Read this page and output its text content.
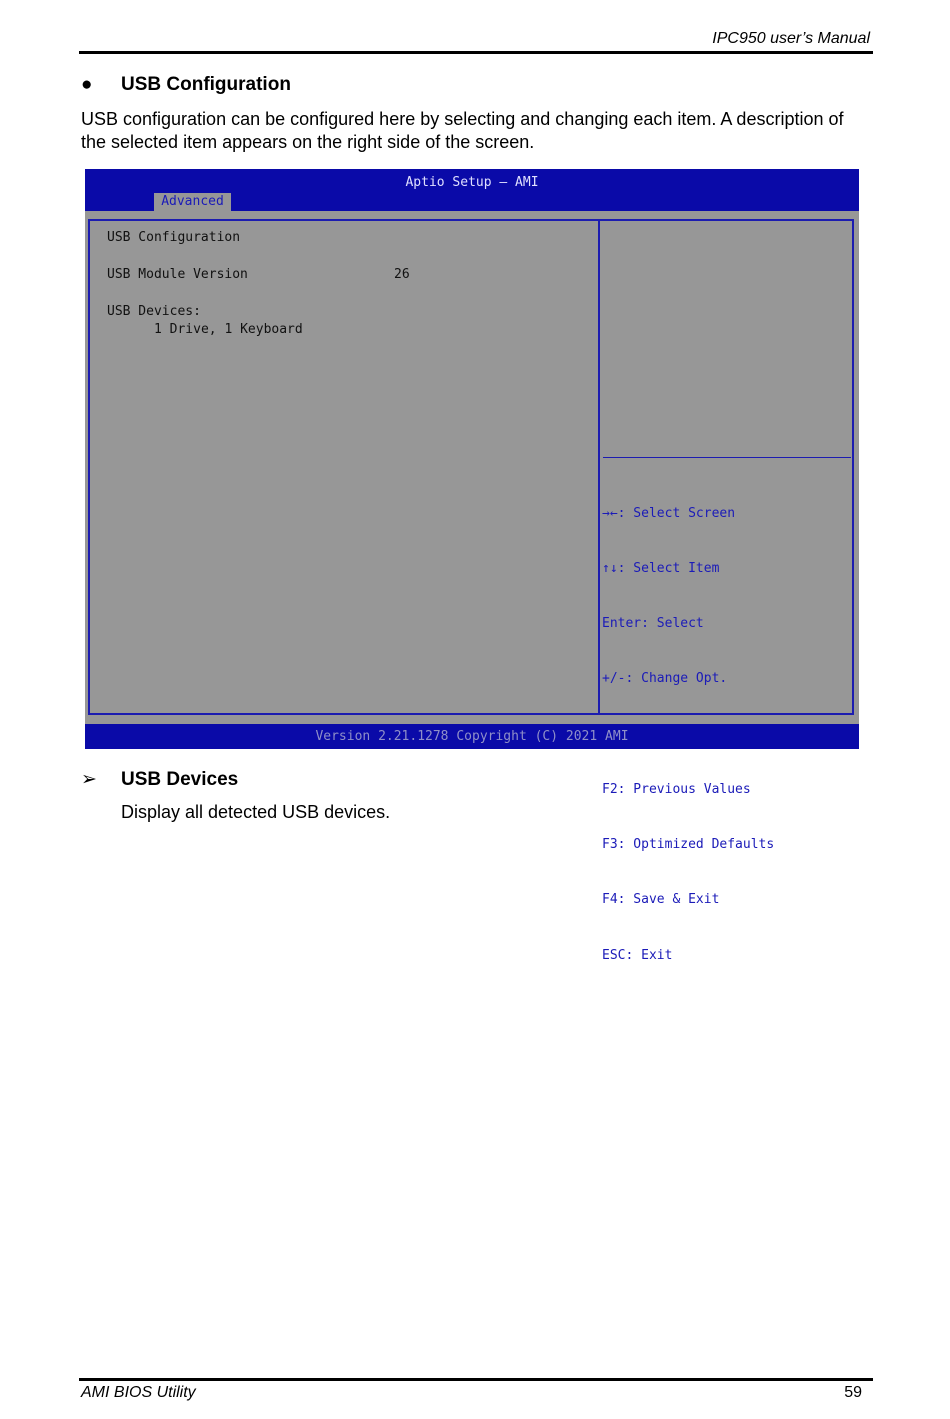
IPC950 user’s Manual
● USB Configuration
USB configuration can be configured here by selecting and changing each item. A description of the selected item appears on the right side of the screen.
Aptio Setup – AMI
Advanced
USB Configuration
USB Module Version	26
USB Devices:
1 Drive, 1 Keyboard

→←: Select Screen

↑↓: Select Item

Enter: Select

+/-: Change Opt.

F2: Previous Values

F3: Optimized Defaults

F4: Save & Exit

ESC: Exit

Version 2.21.1278 Copyright (C) 2021 AMI
➢ USB Devices
Display all detected USB devices.
AMI BIOS Utility	59
